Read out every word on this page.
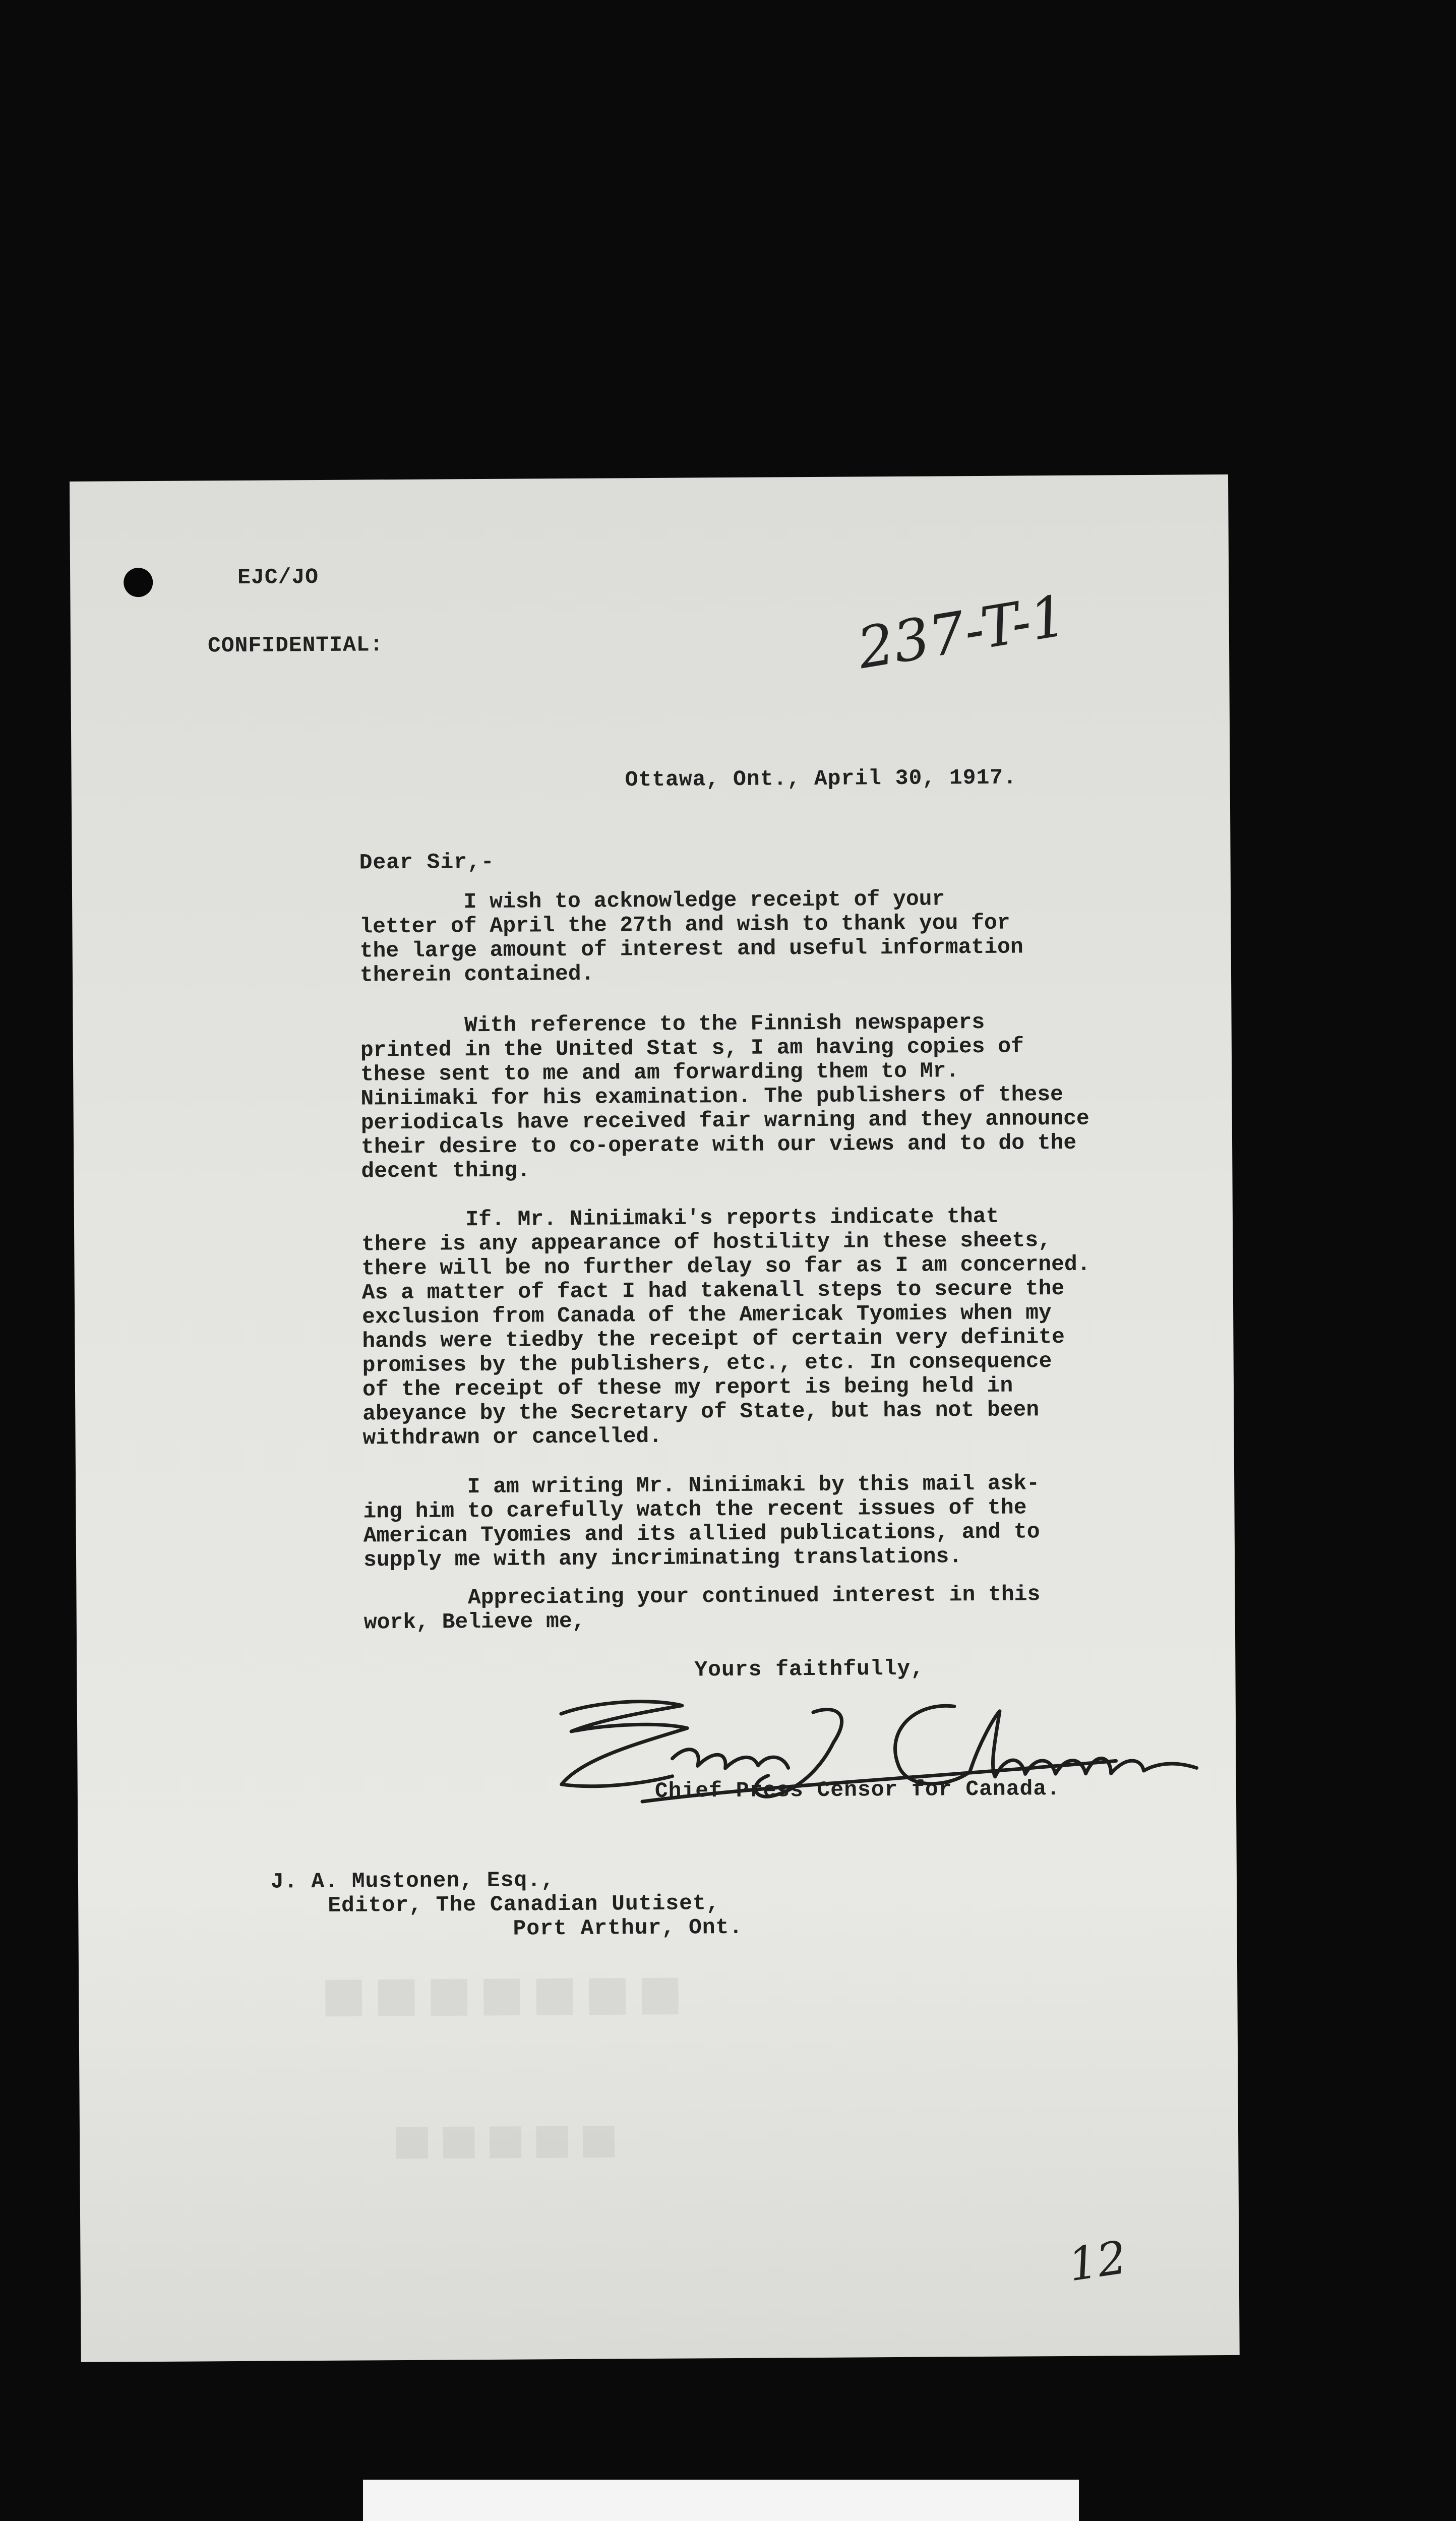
■■■■■■■
■■■■■
EJC/JO
CONFIDENTIAL:	237-T-1
Ottawa, Ont., April 30, 1917.
Dear Sir,-
I wish to acknowledge receipt of your
letter of April the 27th and wish to thank you for
the large amount of interest and useful information
therein contained.
With reference to the Finnish newspapers
printed in the United Stat s, I am having copies of
these sent to me and am forwarding them to Mr.
Niniimaki for his examination. The publishers of these
periodicals have received fair warning and they announce
their desire to co-operate with our views and to do the
decent thing.
If. Mr. Niniimaki's reports indicate that
there is any appearance of hostility in these sheets,
there will be no further delay so far as I am concerned.
As a matter of fact I had takenall steps to secure the
exclusion from Canada of the Americak Tyomies when my
hands were tiedby the receipt of certain very definite
promises by the publishers, etc., etc. In consequence
of the receipt of these my report is being held in
abeyance by the Secretary of State, but has not been
withdrawn or cancelled.
I am writing Mr. Niniimaki by this mail ask-
ing him to carefully watch the recent issues of the
American Tyomies and its allied publications, and to
supply me with any incriminating translations.
Appreciating your continued interest in this
work, Believe me,
Yours faithfully,
Chief Press Censor for Canada.
J. A. Mustonen, Esq.,
Editor, The Canadian Uutiset,
Port Arthur, Ont.
12
